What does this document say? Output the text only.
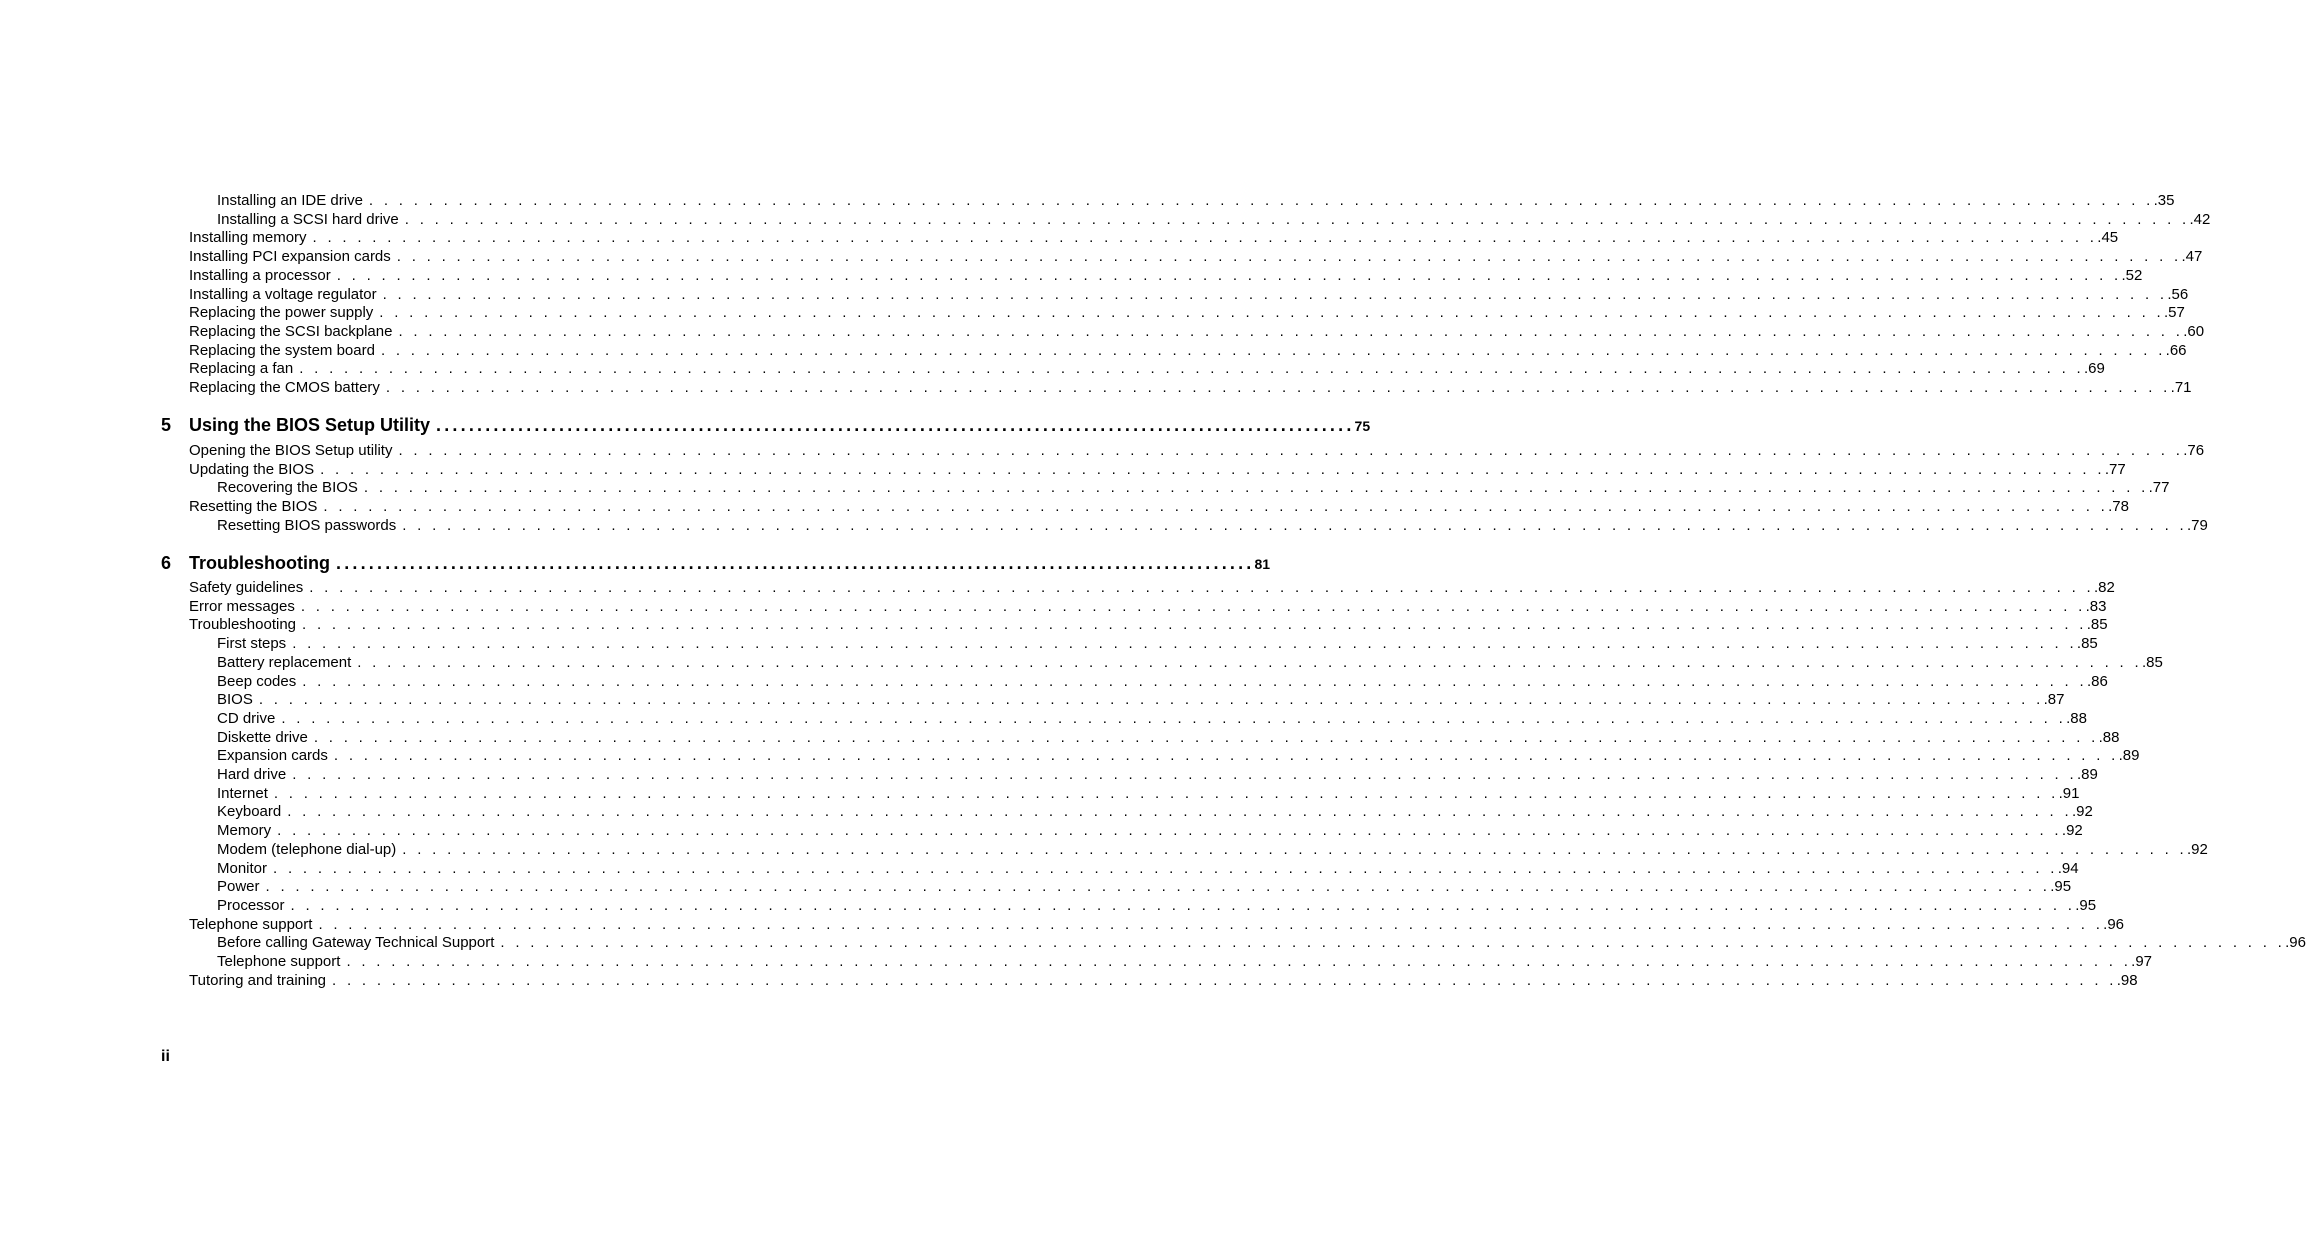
Installing an IDE drive . . . . . . . . . . . . . . . . . . . . . . . . . . . . . . . . . . . . . . . . . . . . . . . . . . . . . . . . . . . . . . . . . . . . . . . . . . . . . . . . . . . . . . . . . . . . . . . . . . . . . . . . . . . . . . . . . . . . . . . . .35
Installing a SCSI hard drive . . . . . . . . . . . . . . . . . . . . . . . . . . . . . . . . . . . . . . . . . . . . . . . . . . . . . . . . . . . . . . . . . . . . . . . . . . . . . . . . . . . . . . . . . . . . . . . . . . . . . . . . . . . . . . . . . . . . . . . . .42
Installing memory . . . . . . . . . . . . . . . . . . . . . . . . . . . . . . . . . . . . . . . . . . . . . . . . . . . . . . . . . . . . . . . . . . . . . . . . . . . . . . . . . . . . . . . . . . . . . . . . . . . . . . . . . . . . . . . . . . . . . . . . .45
Installing PCI expansion cards . . . . . . . . . . . . . . . . . . . . . . . . . . . . . . . . . . . . . . . . . . . . . . . . . . . . . . . . . . . . . . . . . . . . . . . . . . . . . . . . . . . . . . . . . . . . . . . . . . . . . . . . . . . . . . . . . . . . . . . . .47
Installing a processor . . . . . . . . . . . . . . . . . . . . . . . . . . . . . . . . . . . . . . . . . . . . . . . . . . . . . . . . . . . . . . . . . . . . . . . . . . . . . . . . . . . . . . . . . . . . . . . . . . . . . . . . . . . . . . . . . . . . . . . . .52
Installing a voltage regulator . . . . . . . . . . . . . . . . . . . . . . . . . . . . . . . . . . . . . . . . . . . . . . . . . . . . . . . . . . . . . . . . . . . . . . . . . . . . . . . . . . . . . . . . . . . . . . . . . . . . . . . . . . . . . . . . . . . . . . . . .56
Replacing the power supply . . . . . . . . . . . . . . . . . . . . . . . . . . . . . . . . . . . . . . . . . . . . . . . . . . . . . . . . . . . . . . . . . . . . . . . . . . . . . . . . . . . . . . . . . . . . . . . . . . . . . . . . . . . . . . . . . . . . . . . . .57
Replacing the SCSI backplane . . . . . . . . . . . . . . . . . . . . . . . . . . . . . . . . . . . . . . . . . . . . . . . . . . . . . . . . . . . . . . . . . . . . . . . . . . . . . . . . . . . . . . . . . . . . . . . . . . . . . . . . . . . . . . . . . . . . . . . . .60
Replacing the system board . . . . . . . . . . . . . . . . . . . . . . . . . . . . . . . . . . . . . . . . . . . . . . . . . . . . . . . . . . . . . . . . . . . . . . . . . . . . . . . . . . . . . . . . . . . . . . . . . . . . . . . . . . . . . . . . . . . . . . . . .66
Replacing a fan . . . . . . . . . . . . . . . . . . . . . . . . . . . . . . . . . . . . . . . . . . . . . . . . . . . . . . . . . . . . . . . . . . . . . . . . . . . . . . . . . . . . . . . . . . . . . . . . . . . . . . . . . . . . . . . . . . . . . . . . .69
Replacing the CMOS battery . . . . . . . . . . . . . . . . . . . . . . . . . . . . . . . . . . . . . . . . . . . . . . . . . . . . . . . . . . . . . . . . . . . . . . . . . . . . . . . . . . . . . . . . . . . . . . . . . . . . . . . . . . . . . . . . . . . . . . . . .71
5 Using the BIOS Setup Utility ................................................................................................................ 75
Opening the BIOS Setup utility . . . . . . . . . . . . . . . . . . . . . . . . . . . . . . . . . . . . . . . . . . . . . . . . . . . . . . . . . . . . . . . . . . . . . . . . . . . . . . . . . . . . . . . . . . . . . . . . . . . . . . . . . . . . . . . . . . . . . . . . .76
Updating the BIOS . . . . . . . . . . . . . . . . . . . . . . . . . . . . . . . . . . . . . . . . . . . . . . . . . . . . . . . . . . . . . . . . . . . . . . . . . . . . . . . . . . . . . . . . . . . . . . . . . . . . . . . . . . . . . . . . . . . . . . . . .77
Recovering the BIOS . . . . . . . . . . . . . . . . . . . . . . . . . . . . . . . . . . . . . . . . . . . . . . . . . . . . . . . . . . . . . . . . . . . . . . . . . . . . . . . . . . . . . . . . . . . . . . . . . . . . . . . . . . . . . . . . . . . . . . . . .77
Resetting the BIOS . . . . . . . . . . . . . . . . . . . . . . . . . . . . . . . . . . . . . . . . . . . . . . . . . . . . . . . . . . . . . . . . . . . . . . . . . . . . . . . . . . . . . . . . . . . . . . . . . . . . . . . . . . . . . . . . . . . . . . . . .78
Resetting BIOS passwords . . . . . . . . . . . . . . . . . . . . . . . . . . . . . . . . . . . . . . . . . . . . . . . . . . . . . . . . . . . . . . . . . . . . . . . . . . . . . . . . . . . . . . . . . . . . . . . . . . . . . . . . . . . . . . . . . . . . . . . . .79
6 Troubleshooting ................................................................................................................ 81
Safety guidelines . . . . . . . . . . . . . . . . . . . . . . . . . . . . . . . . . . . . . . . . . . . . . . . . . . . . . . . . . . . . . . . . . . . . . . . . . . . . . . . . . . . . . . . . . . . . . . . . . . . . . . . . . . . . . . . . . . . . . . . . .82
Error messages . . . . . . . . . . . . . . . . . . . . . . . . . . . . . . . . . . . . . . . . . . . . . . . . . . . . . . . . . . . . . . . . . . . . . . . . . . . . . . . . . . . . . . . . . . . . . . . . . . . . . . . . . . . . . . . . . . . . . . . . .83
Troubleshooting . . . . . . . . . . . . . . . . . . . . . . . . . . . . . . . . . . . . . . . . . . . . . . . . . . . . . . . . . . . . . . . . . . . . . . . . . . . . . . . . . . . . . . . . . . . . . . . . . . . . . . . . . . . . . . . . . . . . . . . . .85
First steps . . . . . . . . . . . . . . . . . . . . . . . . . . . . . . . . . . . . . . . . . . . . . . . . . . . . . . . . . . . . . . . . . . . . . . . . . . . . . . . . . . . . . . . . . . . . . . . . . . . . . . . . . . . . . . . . . . . . . . . . .85
Battery replacement . . . . . . . . . . . . . . . . . . . . . . . . . . . . . . . . . . . . . . . . . . . . . . . . . . . . . . . . . . . . . . . . . . . . . . . . . . . . . . . . . . . . . . . . . . . . . . . . . . . . . . . . . . . . . . . . . . . . . . . . .85
Beep codes . . . . . . . . . . . . . . . . . . . . . . . . . . . . . . . . . . . . . . . . . . . . . . . . . . . . . . . . . . . . . . . . . . . . . . . . . . . . . . . . . . . . . . . . . . . . . . . . . . . . . . . . . . . . . . . . . . . . . . . . .86
BIOS . . . . . . . . . . . . . . . . . . . . . . . . . . . . . . . . . . . . . . . . . . . . . . . . . . . . . . . . . . . . . . . . . . . . . . . . . . . . . . . . . . . . . . . . . . . . . . . . . . . . . . . . . . . . . . . . . . . . . . . . .87
CD drive . . . . . . . . . . . . . . . . . . . . . . . . . . . . . . . . . . . . . . . . . . . . . . . . . . . . . . . . . . . . . . . . . . . . . . . . . . . . . . . . . . . . . . . . . . . . . . . . . . . . . . . . . . . . . . . . . . . . . . . . .88
Diskette drive . . . . . . . . . . . . . . . . . . . . . . . . . . . . . . . . . . . . . . . . . . . . . . . . . . . . . . . . . . . . . . . . . . . . . . . . . . . . . . . . . . . . . . . . . . . . . . . . . . . . . . . . . . . . . . . . . . . . . . . . .88
Expansion cards . . . . . . . . . . . . . . . . . . . . . . . . . . . . . . . . . . . . . . . . . . . . . . . . . . . . . . . . . . . . . . . . . . . . . . . . . . . . . . . . . . . . . . . . . . . . . . . . . . . . . . . . . . . . . . . . . . . . . . . . .89
Hard drive . . . . . . . . . . . . . . . . . . . . . . . . . . . . . . . . . . . . . . . . . . . . . . . . . . . . . . . . . . . . . . . . . . . . . . . . . . . . . . . . . . . . . . . . . . . . . . . . . . . . . . . . . . . . . . . . . . . . . . . . .89
Internet . . . . . . . . . . . . . . . . . . . . . . . . . . . . . . . . . . . . . . . . . . . . . . . . . . . . . . . . . . . . . . . . . . . . . . . . . . . . . . . . . . . . . . . . . . . . . . . . . . . . . . . . . . . . . . . . . . . . . . . . .91
Keyboard . . . . . . . . . . . . . . . . . . . . . . . . . . . . . . . . . . . . . . . . . . . . . . . . . . . . . . . . . . . . . . . . . . . . . . . . . . . . . . . . . . . . . . . . . . . . . . . . . . . . . . . . . . . . . . . . . . . . . . . . .92
Memory . . . . . . . . . . . . . . . . . . . . . . . . . . . . . . . . . . . . . . . . . . . . . . . . . . . . . . . . . . . . . . . . . . . . . . . . . . . . . . . . . . . . . . . . . . . . . . . . . . . . . . . . . . . . . . . . . . . . . . . . .92
Modem (telephone dial-up) . . . . . . . . . . . . . . . . . . . . . . . . . . . . . . . . . . . . . . . . . . . . . . . . . . . . . . . . . . . . . . . . . . . . . . . . . . . . . . . . . . . . . . . . . . . . . . . . . . . . . . . . . . . . . . . . . . . . . . . . .92
Monitor . . . . . . . . . . . . . . . . . . . . . . . . . . . . . . . . . . . . . . . . . . . . . . . . . . . . . . . . . . . . . . . . . . . . . . . . . . . . . . . . . . . . . . . . . . . . . . . . . . . . . . . . . . . . . . . . . . . . . . . . .94
Power . . . . . . . . . . . . . . . . . . . . . . . . . . . . . . . . . . . . . . . . . . . . . . . . . . . . . . . . . . . . . . . . . . . . . . . . . . . . . . . . . . . . . . . . . . . . . . . . . . . . . . . . . . . . . . . . . . . . . . . . .95
Processor . . . . . . . . . . . . . . . . . . . . . . . . . . . . . . . . . . . . . . . . . . . . . . . . . . . . . . . . . . . . . . . . . . . . . . . . . . . . . . . . . . . . . . . . . . . . . . . . . . . . . . . . . . . . . . . . . . . . . . . . .95
Telephone support . . . . . . . . . . . . . . . . . . . . . . . . . . . . . . . . . . . . . . . . . . . . . . . . . . . . . . . . . . . . . . . . . . . . . . . . . . . . . . . . . . . . . . . . . . . . . . . . . . . . . . . . . . . . . . . . . . . . . . . . .96
Before calling Gateway Technical Support . . . . . . . . . . . . . . . . . . . . . . . . . . . . . . . . . . . . . . . . . . . . . . . . . . . . . . . . . . . . . . . . . . . . . . . . . . . . . . . . . . . . . . . . . . . . . . . . . . . . . . . . . . . . . . . . . . . . . . . . .96
Telephone support . . . . . . . . . . . . . . . . . . . . . . . . . . . . . . . . . . . . . . . . . . . . . . . . . . . . . . . . . . . . . . . . . . . . . . . . . . . . . . . . . . . . . . . . . . . . . . . . . . . . . . . . . . . . . . . . . . . . . . . . .97
Tutoring and training . . . . . . . . . . . . . . . . . . . . . . . . . . . . . . . . . . . . . . . . . . . . . . . . . . . . . . . . . . . . . . . . . . . . . . . . . . . . . . . . . . . . . . . . . . . . . . . . . . . . . . . . . . . . . . . . . . . . . . . . .98
ii
